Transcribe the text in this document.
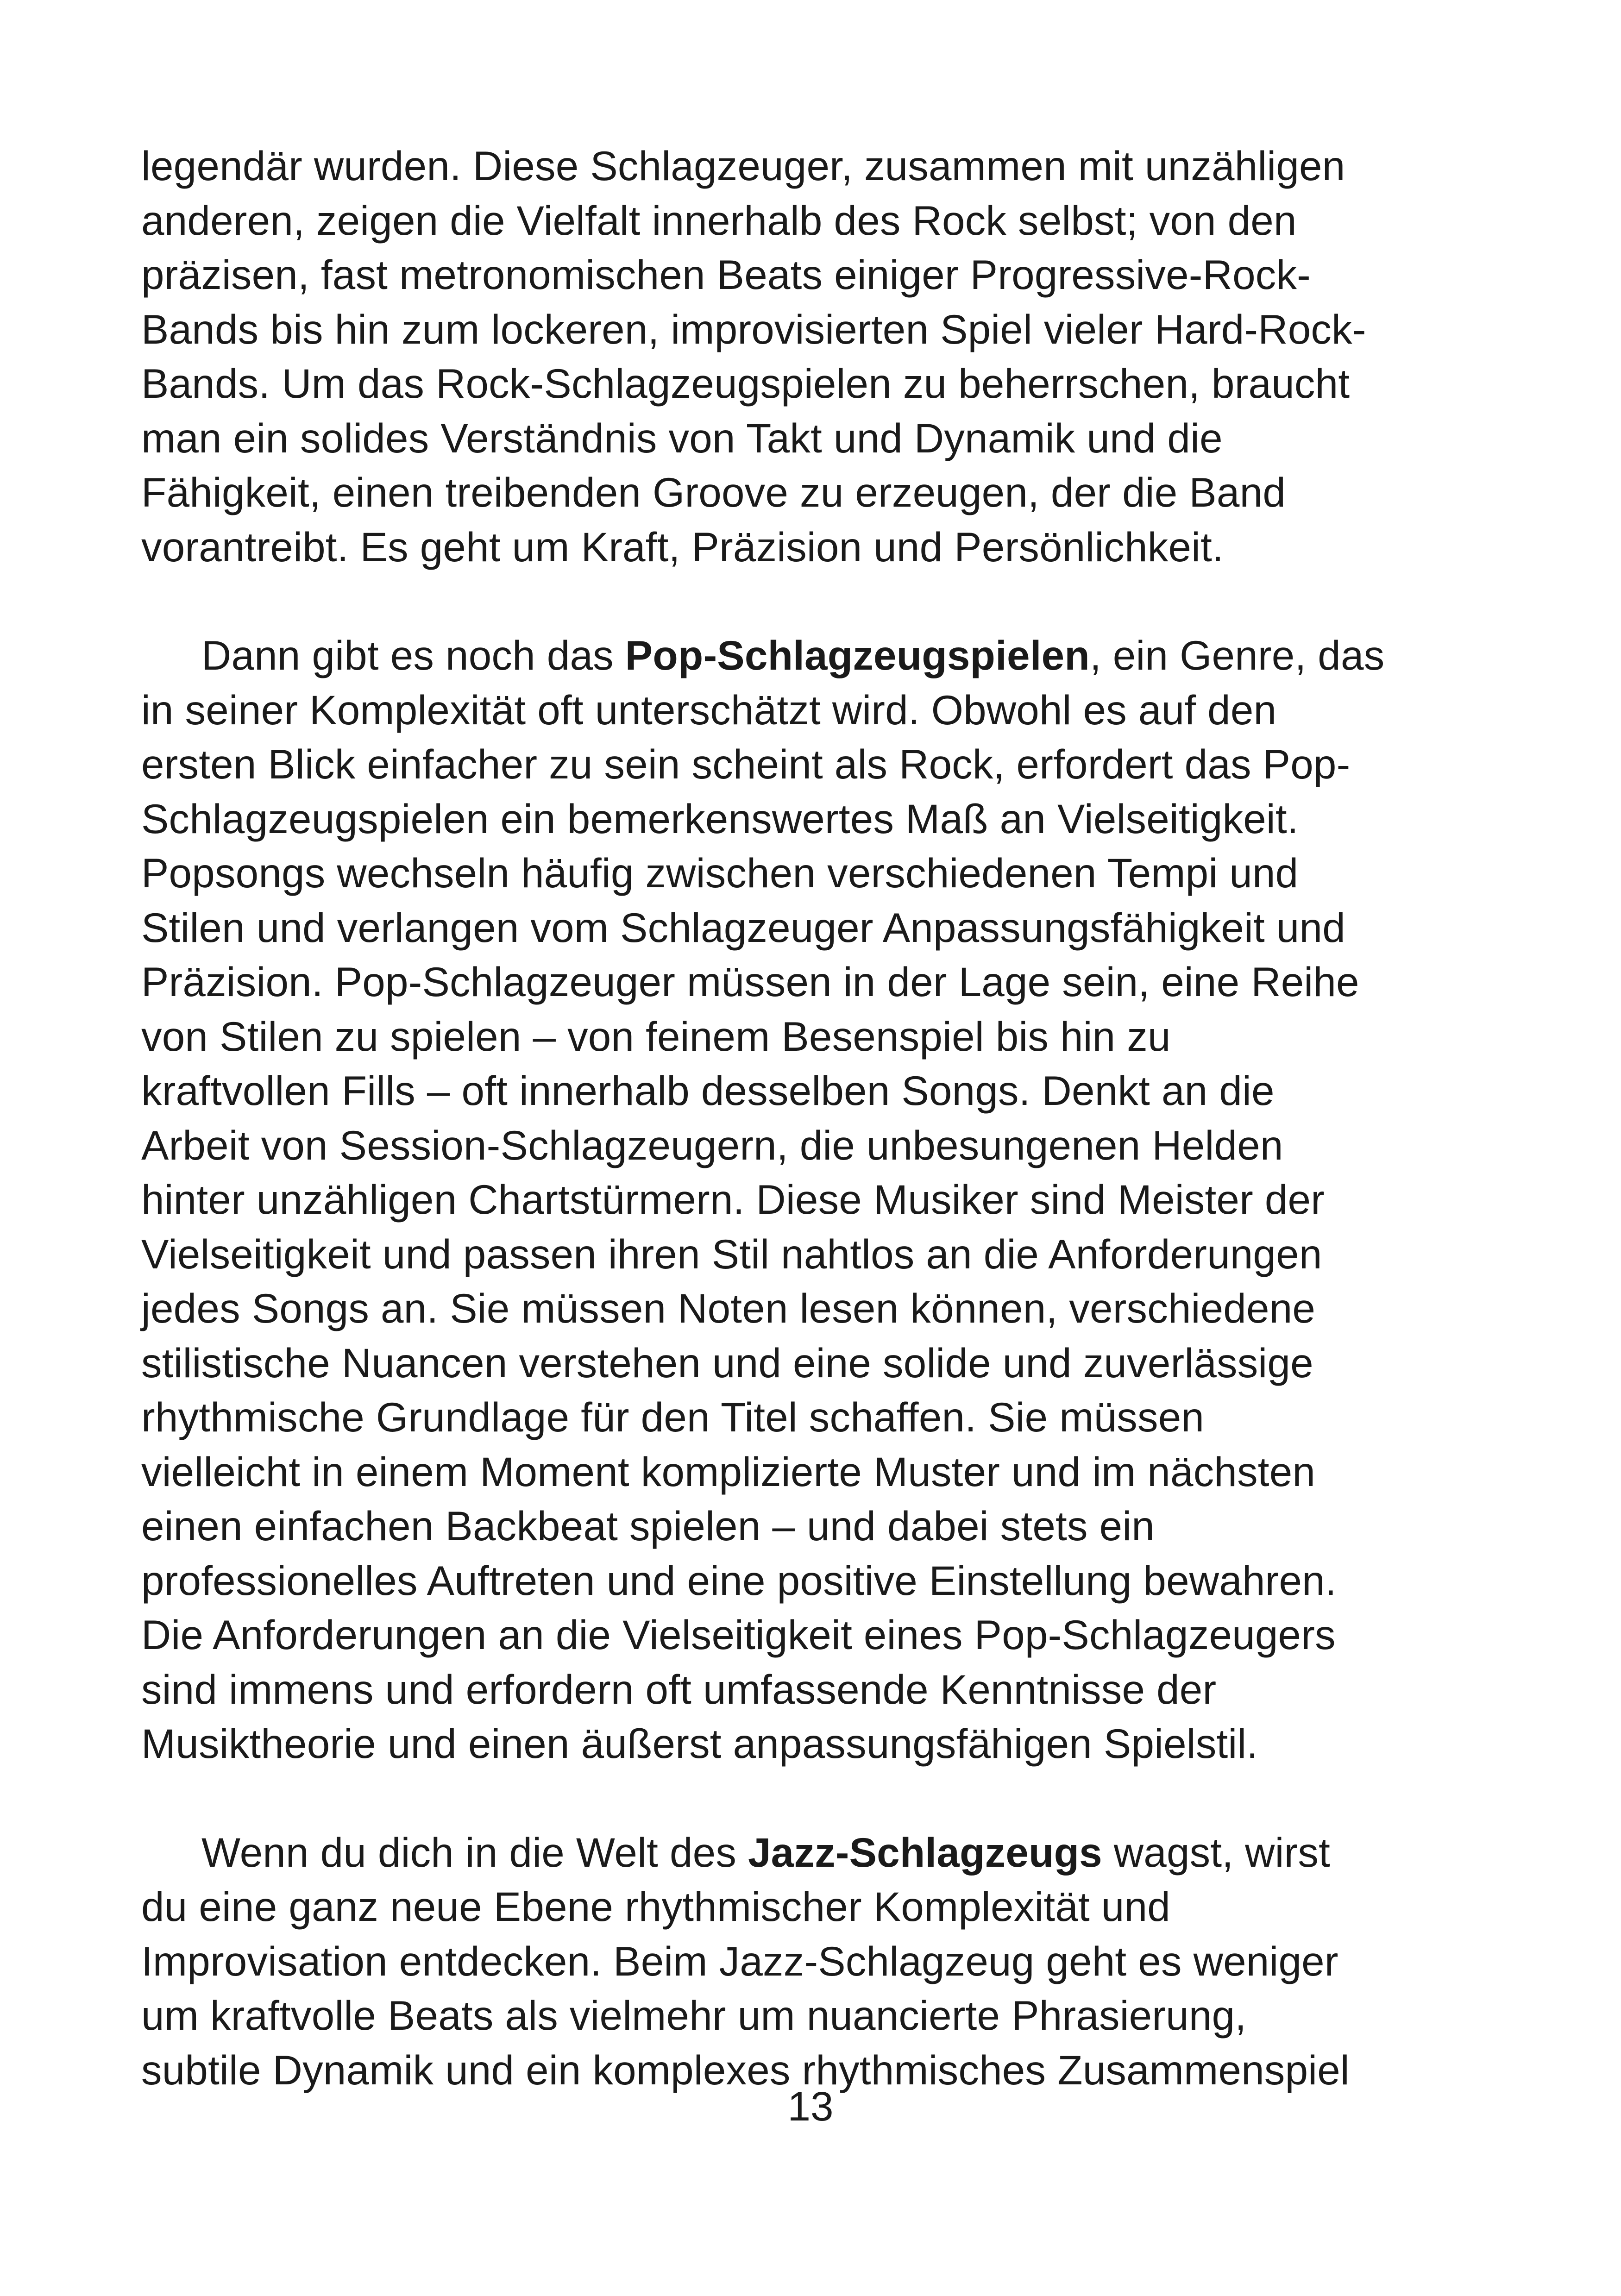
legendär wurden. Diese Schlagzeuger, zusammen mit unzähligen
anderen, zeigen die Vielfalt innerhalb des Rock selbst; von den
präzisen, fast metronomischen Beats einiger Progressive-Rock-
Bands bis hin zum lockeren, improvisierten Spiel vieler Hard-Rock-
Bands. Um das Rock-Schlagzeugspielen zu beherrschen, braucht
man ein solides Verständnis von Takt und Dynamik und die
Fähigkeit, einen treibenden Groove zu erzeugen, der die Band
vorantreibt. Es geht um Kraft, Präzision und Persönlichkeit.

Dann gibt es noch das Pop-Schlagzeugspielen, ein Genre, das
in seiner Komplexität oft unterschätzt wird. Obwohl es auf den
ersten Blick einfacher zu sein scheint als Rock, erfordert das Pop-
Schlagzeugspielen ein bemerkenswertes Maß an Vielseitigkeit.
Popsongs wechseln häufig zwischen verschiedenen Tempi und
Stilen und verlangen vom Schlagzeuger Anpassungsfähigkeit und
Präzision. Pop-Schlagzeuger müssen in der Lage sein, eine Reihe
von Stilen zu spielen – von feinem Besenspiel bis hin zu
kraftvollen Fills – oft innerhalb desselben Songs. Denkt an die
Arbeit von Session-Schlagzeugern, die unbesungenen Helden
hinter unzähligen Chartstürmern. Diese Musiker sind Meister der
Vielseitigkeit und passen ihren Stil nahtlos an die Anforderungen
jedes Songs an. Sie müssen Noten lesen können, verschiedene
stilistische Nuancen verstehen und eine solide und zuverlässige
rhythmische Grundlage für den Titel schaffen. Sie müssen
vielleicht in einem Moment komplizierte Muster und im nächsten
einen einfachen Backbeat spielen – und dabei stets ein
professionelles Auftreten und eine positive Einstellung bewahren.
Die Anforderungen an die Vielseitigkeit eines Pop-Schlagzeugers
sind immens und erfordern oft umfassende Kenntnisse der
Musiktheorie und einen äußerst anpassungsfähigen Spielstil.

Wenn du dich in die Welt des Jazz-Schlagzeugs wagst, wirst
du eine ganz neue Ebene rhythmischer Komplexität und
Improvisation entdecken. Beim Jazz-Schlagzeug geht es weniger
um kraftvolle Beats als vielmehr um nuancierte Phrasierung,
subtile Dynamik und ein komplexes rhythmisches Zusammenspiel

13
